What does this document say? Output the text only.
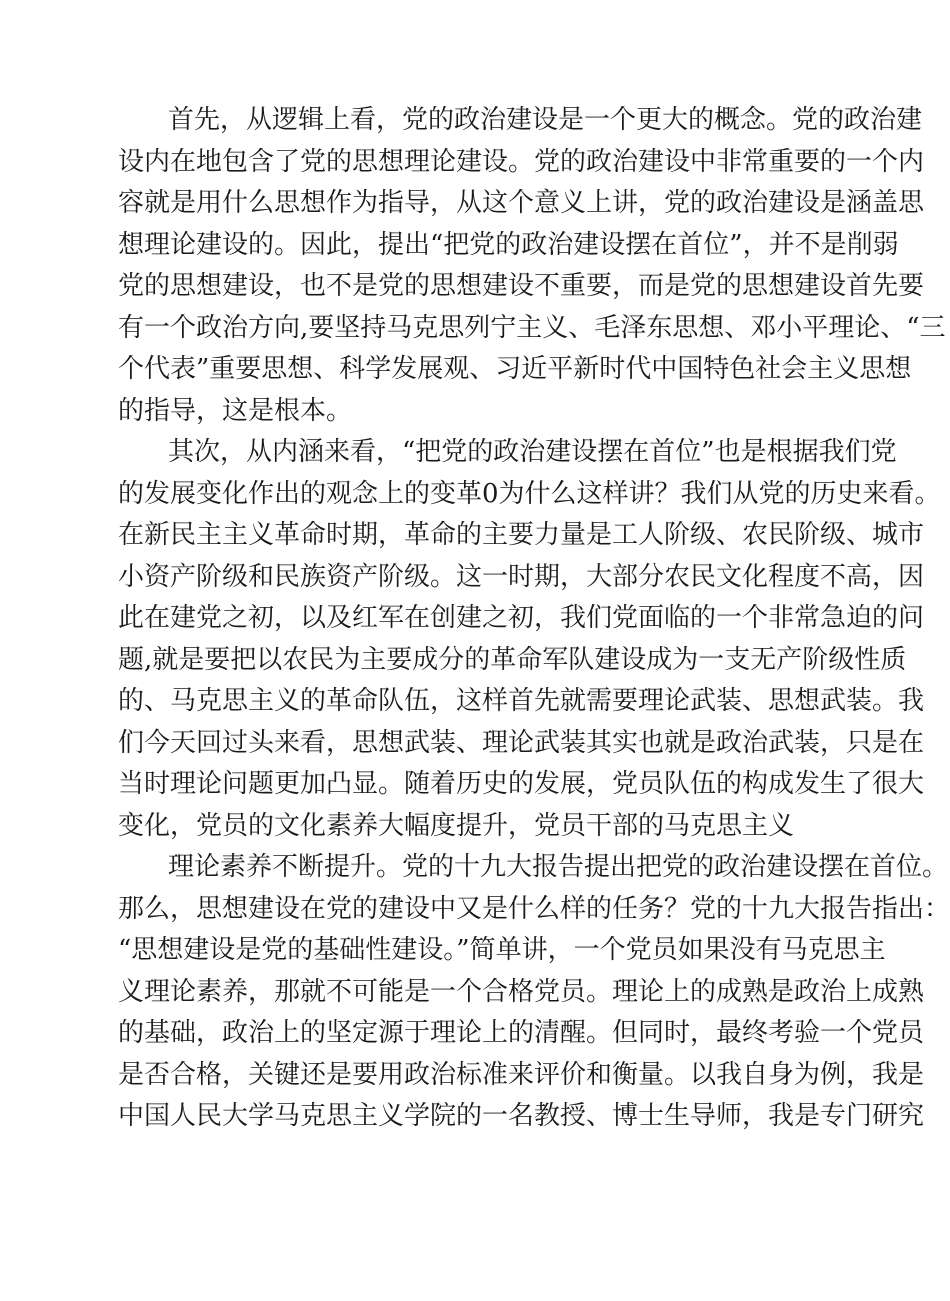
首先，从逻辑上看，党的政治建设是一个更大的概念。党的政治建
设内在地包含了党的思想理论建设。党的政治建设中非常重要的一个内
容就是用什么思想作为指导，从这个意义上讲，党的政治建设是涵盖思
想理论建设的。因此，提出“把党的政治建设摆在首位”，并不是削弱
党的思想建设，也不是党的思想建设不重要，而是党的思想建设首先要
有一个政治方向,要坚持马克思列宁主义、毛泽东思想、邓小平理论、“三
个代表”重要思想、科学发展观、习近平新时代中国特色社会主义思想
的指导，这是根本。
其次，从内涵来看，“把党的政治建设摆在首位”也是根据我们党
的发展变化作出的观念上的变革0为什么这样讲？我们从党的历史来看。
在新民主主义革命时期，革命的主要力量是工人阶级、农民阶级、城市
小资产阶级和民族资产阶级。这一时期，大部分农民文化程度不高，因
此在建党之初，以及红军在创建之初，我们党面临的一个非常急迫的问
题,就是要把以农民为主要成分的革命军队建设成为一支无产阶级性质
的、马克思主义的革命队伍，这样首先就需要理论武装、思想武装。我
们今天回过头来看，思想武装、理论武装其实也就是政治武装，只是在
当时理论问题更加凸显。随着历史的发展，党员队伍的构成发生了很大
变化，党员的文化素养大幅度提升，党员干部的马克思主义
理论素养不断提升。党的十九大报告提出把党的政治建设摆在首位。
那么，思想建设在党的建设中又是什么样的任务？党的十九大报告指出：
“思想建设是党的基础性建设。”简单讲，一个党员如果没有马克思主
义理论素养，那就不可能是一个合格党员。理论上的成熟是政治上成熟
的基础，政治上的坚定源于理论上的清醒。但同时，最终考验一个党员
是否合格，关键还是要用政治标准来评价和衡量。以我自身为例，我是
中国人民大学马克思主义学院的一名教授、博士生导师，我是专门研究
